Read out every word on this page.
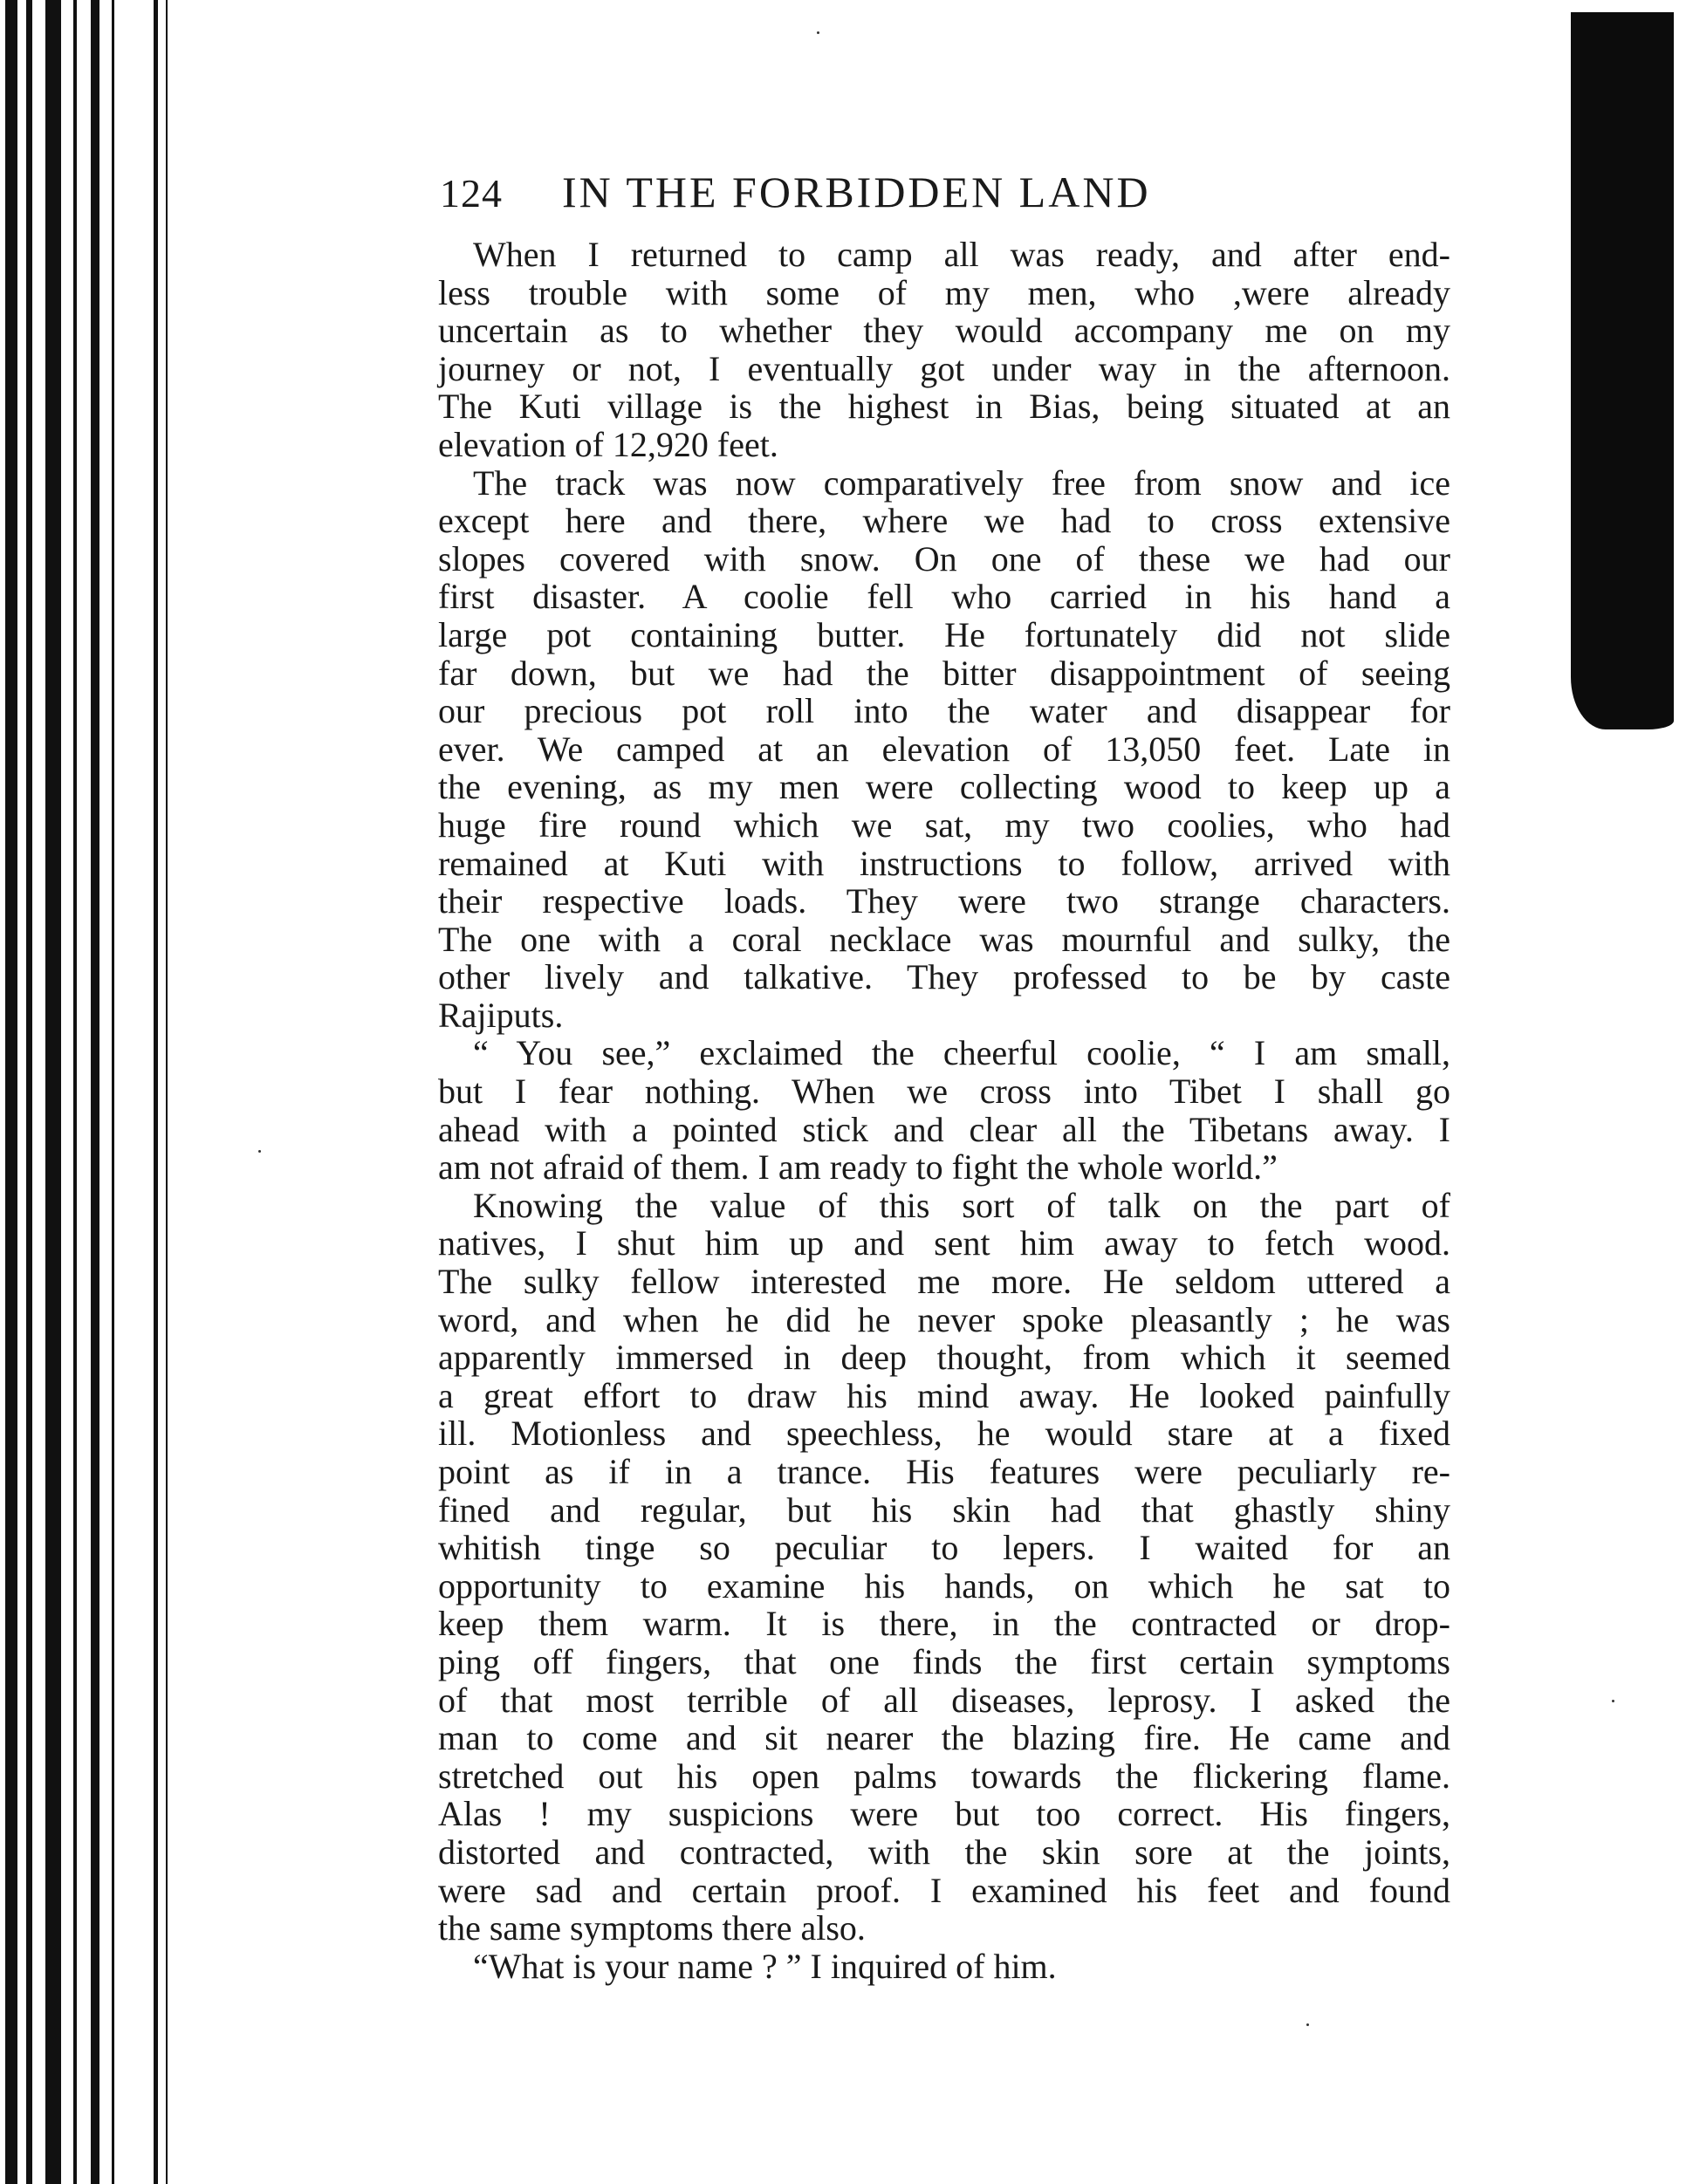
124 IN THE FORBIDDEN LAND
When I returned to camp all was ready, and after end-
less trouble with some of my men, who ,were already
uncertain as to whether they would accompany me on my
journey or not, I eventually got under way in the afternoon.
The Kuti village is the highest in Bias, being situated at an
elevation of 12,920 feet.
The track was now comparatively free from snow and ice
except here and there, where we had to cross extensive
slopes covered with snow. On one of these we had our
first disaster. A coolie fell who carried in his hand a
large pot containing butter. He fortunately did not slide
far down, but we had the bitter disappointment of seeing
our precious pot roll into the water and disappear for
ever. We camped at an elevation of 13,050 feet. Late in
the evening, as my men were collecting wood to keep up a
huge fire round which we sat, my two coolies, who had
remained at Kuti with instructions to follow, arrived with
their respective loads. They were two strange characters.
The one with a coral necklace was mournful and sulky, the
other lively and talkative. They professed to be by caste
Rajiputs.
“ You see,” exclaimed the cheerful coolie, “ I am small,
but I fear nothing. When we cross into Tibet I shall go
ahead with a pointed stick and clear all the Tibetans away. I
am not afraid of them. I am ready to fight the whole world.”
Knowing the value of this sort of talk on the part of
natives, I shut him up and sent him away to fetch wood.
The sulky fellow interested me more. He seldom uttered a
word, and when he did he never spoke pleasantly ; he was
apparently immersed in deep thought, from which it seemed
a great effort to draw his mind away. He looked painfully
ill. Motionless and speechless, he would stare at a fixed
point as if in a trance. His features were peculiarly re-
fined and regular, but his skin had that ghastly shiny
whitish tinge so peculiar to lepers. I waited for an
opportunity to examine his hands, on which he sat to
keep them warm. It is there, in the contracted or drop-
ping off fingers, that one finds the first certain symptoms
of that most terrible of all diseases, leprosy. I asked the
man to come and sit nearer the blazing fire. He came and
stretched out his open palms towards the flickering flame.
Alas ! my suspicions were but too correct. His fingers,
distorted and contracted, with the skin sore at the joints,
were sad and certain proof. I examined his feet and found
the same symptoms there also.
“What is your name ? ” I inquired of him.
